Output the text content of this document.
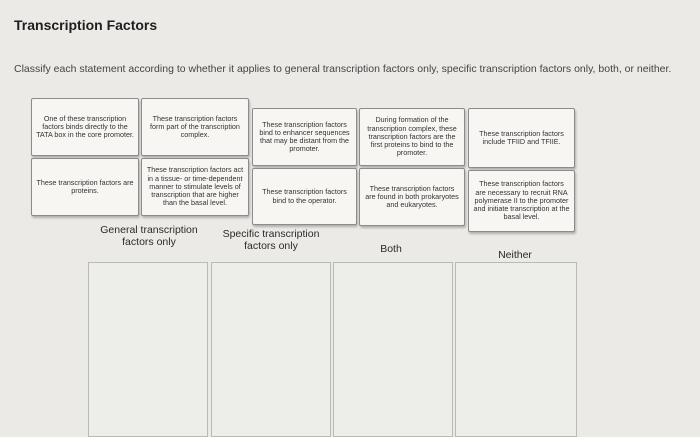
Transcription Factors
Classify each statement according to whether it applies to general transcription factors only, specific transcription factors only, both, or neither.
One of these transcription factors binds directly to the TATA box in the core promoter.
These transcription factors form part of the transcription complex.
These transcription factors bind to enhancer sequences that may be distant from the promoter.
During formation of the transcription complex, these transcription factors are the first proteins to bind to the promoter.
These transcription factors include TFIID and TFIIE.
These transcription factors are proteins.
These transcription factors act in a tissue- or time-dependent manner to stimulate levels of transcription that are higher than the basal level.
These transcription factors bind to the operator.
These transcription factors are found in both prokaryotes and eukaryotes.
These transcription factors are necessary to recruit RNA polymerase II to the promoter and initiate transcription at the basal level.
General transcription factors only
Specific transcription factors only	Both	Neither
